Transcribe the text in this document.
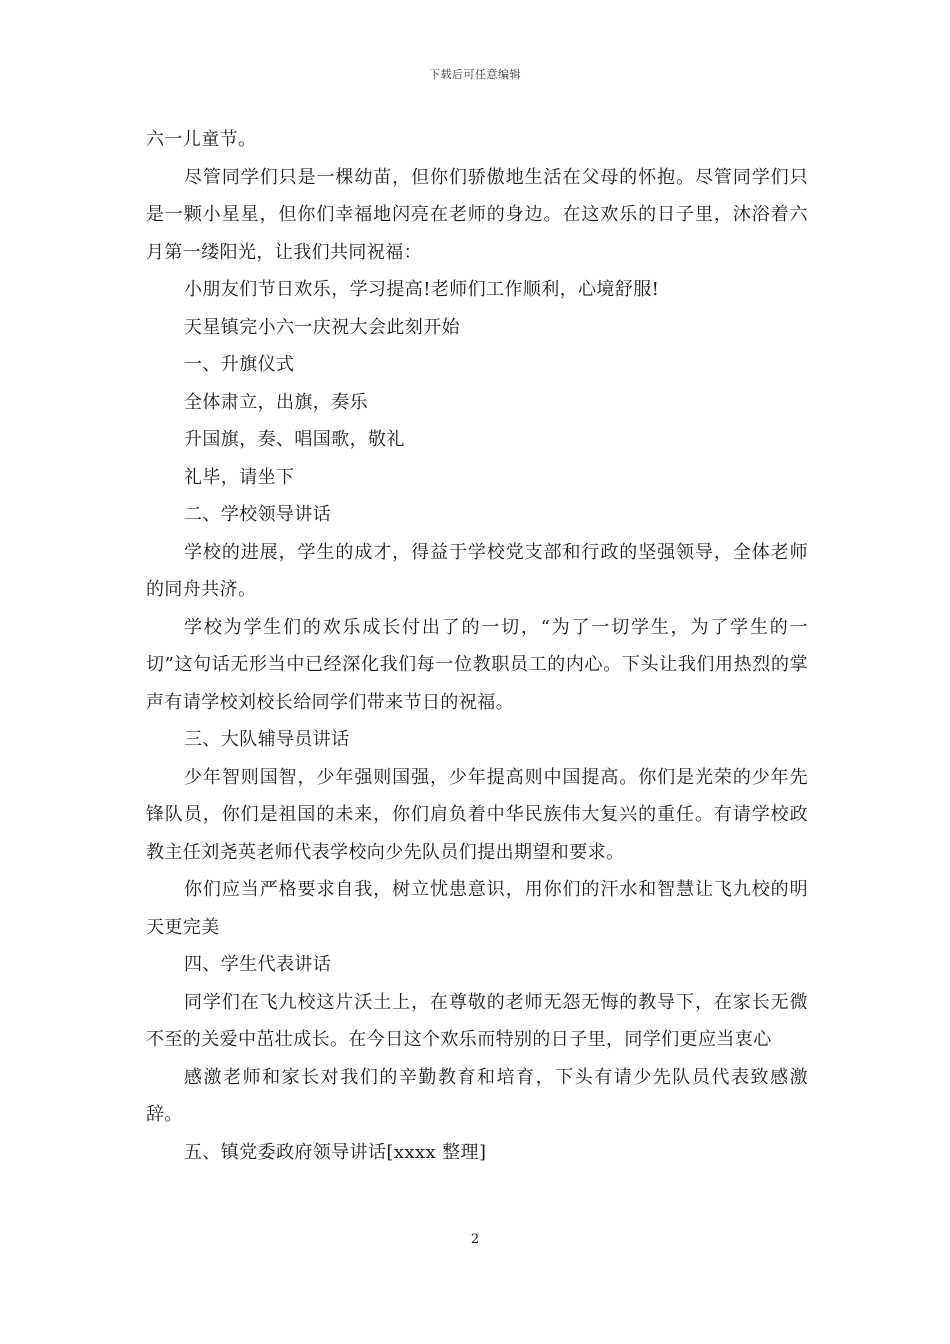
下载后可任意编辑

六一儿童节。

尽管同学们只是一棵幼苗，但你们骄傲地生活在父母的怀抱。尽管同学们只是一颗小星星，但你们幸福地闪亮在老师的身边。在这欢乐的日子里，沐浴着六月第一缕阳光，让我们共同祝福：

小朋友们节日欢乐，学习提高!老师们工作顺利，心境舒服!

天星镇完小六一庆祝大会此刻开始

一、升旗仪式

全体肃立，出旗，奏乐

升国旗，奏、唱国歌，敬礼

礼毕，请坐下

二、学校领导讲话

学校的进展，学生的成才，得益于学校党支部和行政的坚强领导，全体老师的同舟共济。

学校为学生们的欢乐成长付出了的一切，“为了一切学生，为了学生的一切”这句话无形当中已经深化我们每一位教职员工的内心。下头让我们用热烈的掌声有请学校刘校长给同学们带来节日的祝福。

三、大队辅导员讲话

少年智则国智，少年强则国强，少年提高则中国提高。你们是光荣的少年先锋队员，你们是祖国的未来，你们肩负着中华民族伟大复兴的重任。有请学校政教主任刘尧英老师代表学校向少先队员们提出期望和要求。

你们应当严格要求自我，树立忧患意识，用你们的汗水和智慧让飞九校的明天更完美

四、学生代表讲话

同学们在飞九校这片沃土上，在尊敬的老师无怨无悔的教导下，在家长无微不至的关爱中茁壮成长。在今日这个欢乐而特别的日子里，同学们更应当衷心

感激老师和家长对我们的辛勤教育和培育，下头有请少先队员代表致感激辞。

五、镇党委政府领导讲话[xxxx 整理]

2
